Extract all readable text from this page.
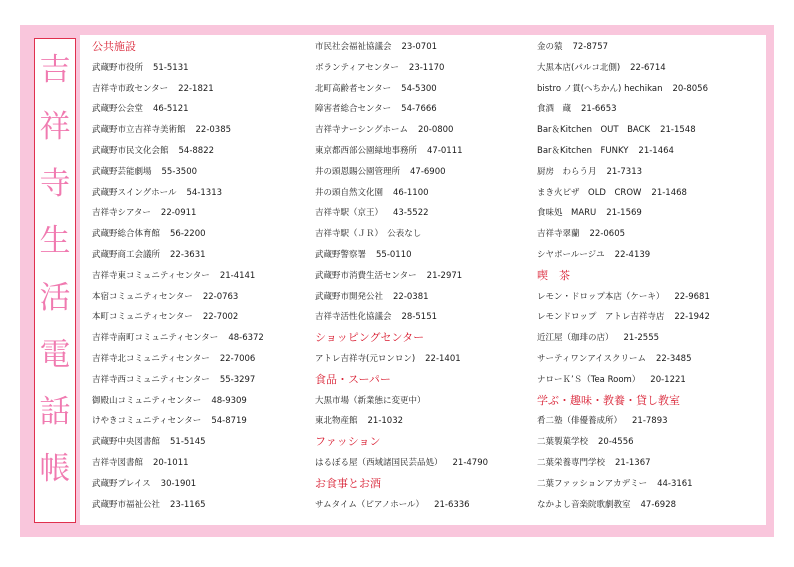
吉
祥
寺
生
活
電
話
帳
公共施設
武蔵野市役所 51-5131
吉祥寺市政センター 22-1821
武蔵野公会堂 46-5121
武蔵野市立吉祥寺美術館 22-0385
武蔵野市民文化会館 54-8822
武蔵野芸能劇場 55-3500
武蔵野スイングホール 54-1313
吉祥寺シアター 22-0911
武蔵野総合体育館 56-2200
武蔵野商工会議所 22-3631
吉祥寺東コミュニティセンター 21-4141
本宿コミュニティセンター 22-0763
本町コミュニティセンター 22-7002
吉祥寺南町コミュニティセンター 48-6372
吉祥寺北コミュニティセンター 22-7006
吉祥寺西コミュニティセンター 55-3297
御殿山コミュニティセンター 48-9309
けやきコミュニティセンター 54-8719
武蔵野中央図書館 51-5145
吉祥寺図書館 20-1011
武蔵野プレイス 30-1901
武蔵野市福祉公社 23-1165
市民社会福祉協議会 23-0701
ボランティアセンター 23-1170
北町高齢者センター 54-5300
障害者総合センター 54-7666
吉祥寺ナーシングホーム 20-0800
東京都西部公園緑地事務所 47-0111
井の頭恩賜公園管理所 47-6900
井の頭自然文化園 46-1100
吉祥寺駅（京王） 43-5522
吉祥寺駅（ＪＲ）　公表なし
武蔵野警察署 55-0110
武蔵野市消費生活センター 21-2971
武蔵野市開発公社 22-0381
吉祥寺活性化協議会 28-5151
ショッピングセンター
アトレ吉祥寺(元ロンロン) 22-1401
食品・スーパー
大黒市場（新業態に変更中）
東北物産館 21-1032
ファッション
はるぼる屋（西域諸国民芸品処） 21-4790
お食事とお酒
サムタイム（ピアノホール） 21-6336
金の猿 72-8757
大黒本店(パルコ北側) 22-6714
bistro ノ貫(へちかん) hechikan 20-8056
食酒　蔵 21-6653
Bar＆Kitchen　OUT　BACK 21-1548
Bar＆Kitchen　FUNKY 21-1464
厨房　わらう月 21-7313
まき火ピザ　OLD　CROW 21-1468
食味処　MARU 21-1569
吉祥寺翠蘭 22-0605
シヤポールージユ 22-4139
喫　茶
レモン・ドロップ本店（ケーキ） 22-9681
レモンドロップ　アトレ吉祥寺店 22-1942
近江屋（珈琲の店） 21-2555
サーティワンアイスクリーム 22-3485
ナローＫ’Ｓ（Tea Room） 20-1221
学ぶ・趣味・教養・貸し教室
肴二塾（俳優養成所） 21-7893
二葉製菓学校 20-4556
二葉栄養専門学校 21-1367
二葉ファッションアカデミー 44-3161
なかよし音楽院歌劇教室 47-6928
